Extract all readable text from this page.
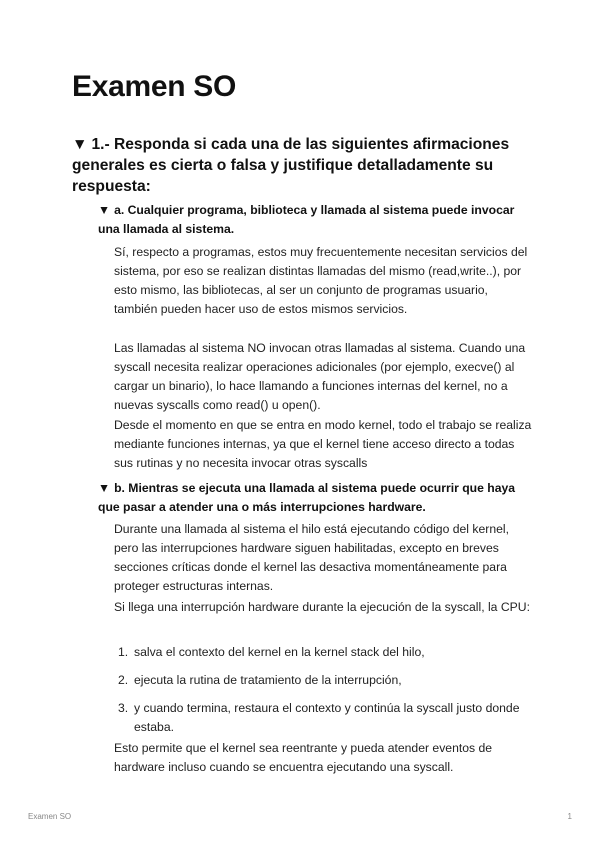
Examen SO
▼ 1.- Responda si cada una de las siguientes afirmaciones generales es cierta o falsa y justifique detalladamente su respuesta:
▼ a. Cualquier programa, biblioteca y llamada al sistema puede invocar una llamada al sistema.

Sí, respecto a programas, estos muy frecuentemente necesitan servicios del sistema, por eso se realizan distintas llamadas del mismo (read,write..), por esto mismo, las bibliotecas, al ser un conjunto de programas usuario, también pueden hacer uso de estos mismos servicios.

Las llamadas al sistema NO invocan otras llamadas al sistema. Cuando una syscall necesita realizar operaciones adicionales (por ejemplo, execve() al cargar un binario), lo hace llamando a funciones internas del kernel, no a nuevas syscalls como read() u open().

Desde el momento en que se entra en modo kernel, todo el trabajo se realiza mediante funciones internas, ya que el kernel tiene acceso directo a todas sus rutinas y no necesita invocar otras syscalls

▼ b. Mientras se ejecuta una llamada al sistema puede ocurrir que haya que pasar a atender una o más interrupciones hardware.

Durante una llamada al sistema el hilo está ejecutando código del kernel, pero las interrupciones hardware siguen habilitadas, excepto en breves secciones críticas donde el kernel las desactiva momentáneamente para proteger estructuras internas.

Si llega una interrupción hardware durante la ejecución de la syscall, la CPU:

1. salva el contexto del kernel en la kernel stack del hilo,
2. ejecuta la rutina de tratamiento de la interrupción,
3. y cuando termina, restaura el contexto y continúa la syscall justo donde estaba.

Esto permite que el kernel sea reentrante y pueda atender eventos de hardware incluso cuando se encuentra ejecutando una syscall.

Examen SO	1
